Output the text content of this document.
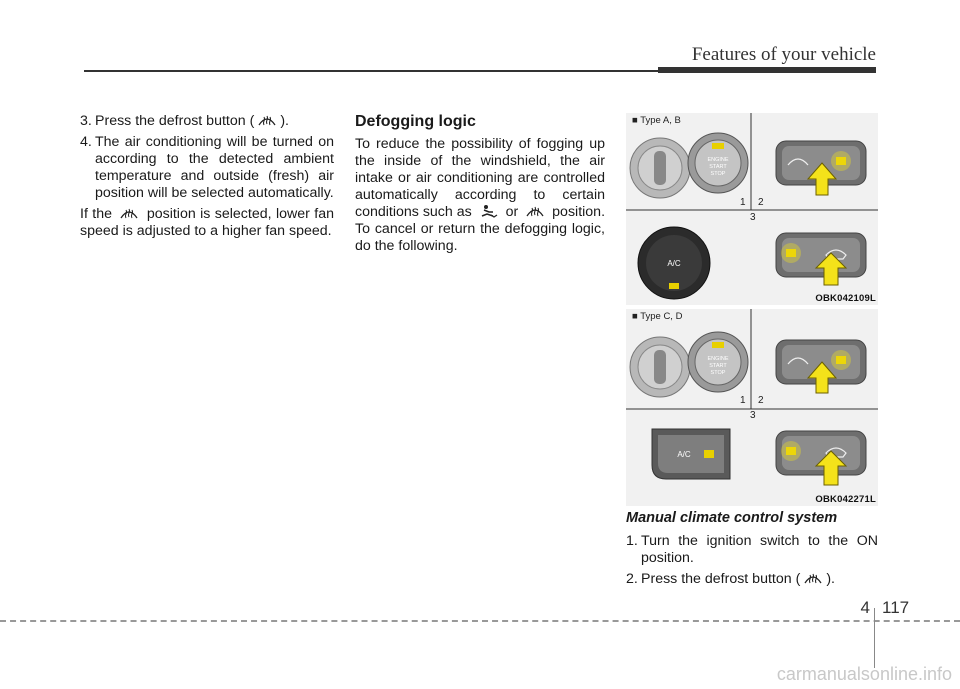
Features of your vehicle
3. Press the defrost button ( ).
4. The air conditioning will be turned on according to the detected ambient temperature and outside (fresh) air position will be selected automatically.

If the position is selected, lower fan speed is adjusted to a higher fan speed.

Defogging logic

To reduce the possibility of fogging up the inside of the windshield, the air intake or air conditioning are controlled automatically according to certain conditions such as or position. To cancel or return the defogging logic, do the following.

ENGINE
START
STOP
A/C
■ Type A, B
1 2
3
OBK042109L
ENGINE
START
STOP
A/C
■ Type C, D
1 2
3
OBK042271L
Manual climate control system
1. Turn the ignition switch to the ON position.
2. Press the defrost button ( ).
4 117
carmanualsonline.info
